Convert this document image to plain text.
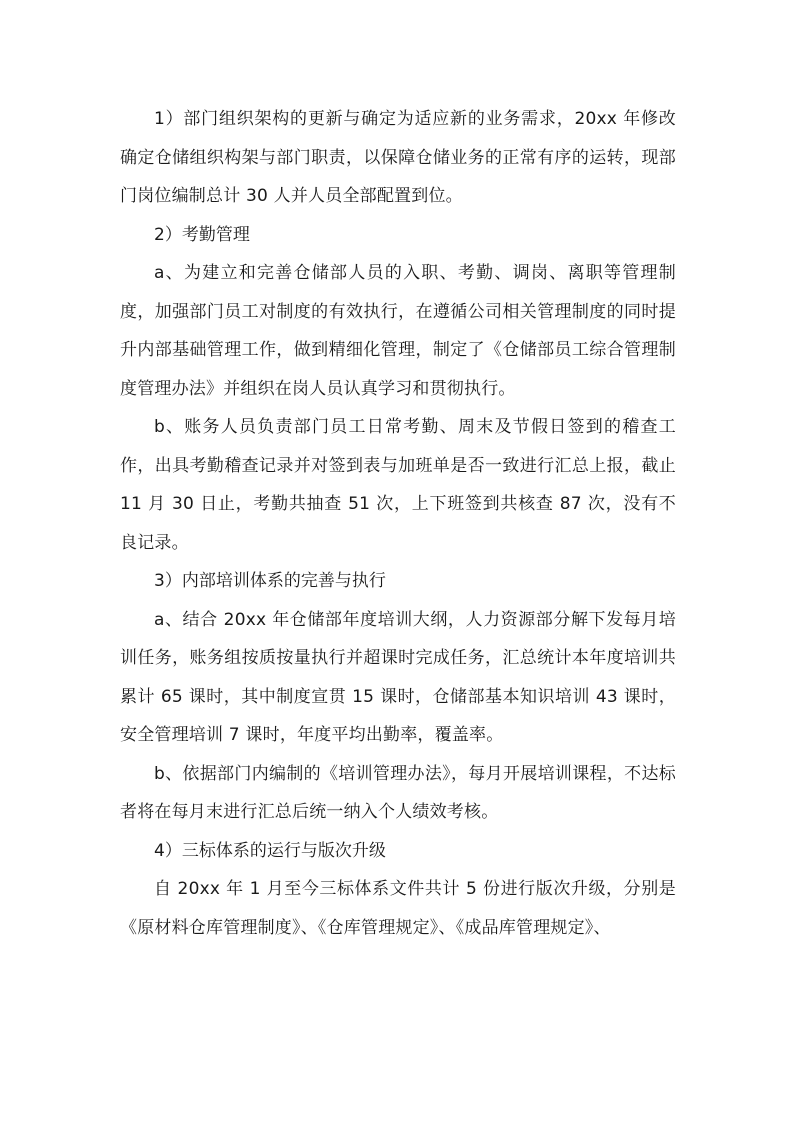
1）部门组织架构的更新与确定为适应新的业务需求，20xx 年修改确定仓储组织构架与部门职责，以保障仓储业务的正常有序的运转，现部门岗位编制总计 30 人并人员全部配置到位。

2）考勤管理

a、为建立和完善仓储部人员的入职、考勤、调岗、离职等管理制度，加强部门员工对制度的有效执行，在遵循公司相关管理制度的同时提升内部基础管理工作，做到精细化管理，制定了《仓储部员工综合管理制度管理办法》并组织在岗人员认真学习和贯彻执行。

b、账务人员负责部门员工日常考勤、周末及节假日签到的稽查工作，出具考勤稽查记录并对签到表与加班单是否一致进行汇总上报，截止 11 月 30 日止，考勤共抽查 51 次，上下班签到共核查 87 次，没有不良记录。

3）内部培训体系的完善与执行

a、结合 20xx 年仓储部年度培训大纲，人力资源部分解下发每月培训任务，账务组按质按量执行并超课时完成任务，汇总统计本年度培训共累计 65 课时，其中制度宣贯 15 课时，仓储部基本知识培训 43 课时，安全管理培训 7 课时，年度平均出勤率，覆盖率。

b、依据部门内编制的《培训管理办法》，每月开展培训课程，不达标者将在每月末进行汇总后统一纳入个人绩效考核。

4）三标体系的运行与版次升级

自 20xx 年 1 月至今三标体系文件共计 5 份进行版次升级，分别是《原材料仓库管理制度》、《仓库管理规定》、《成品库管理规定》、
